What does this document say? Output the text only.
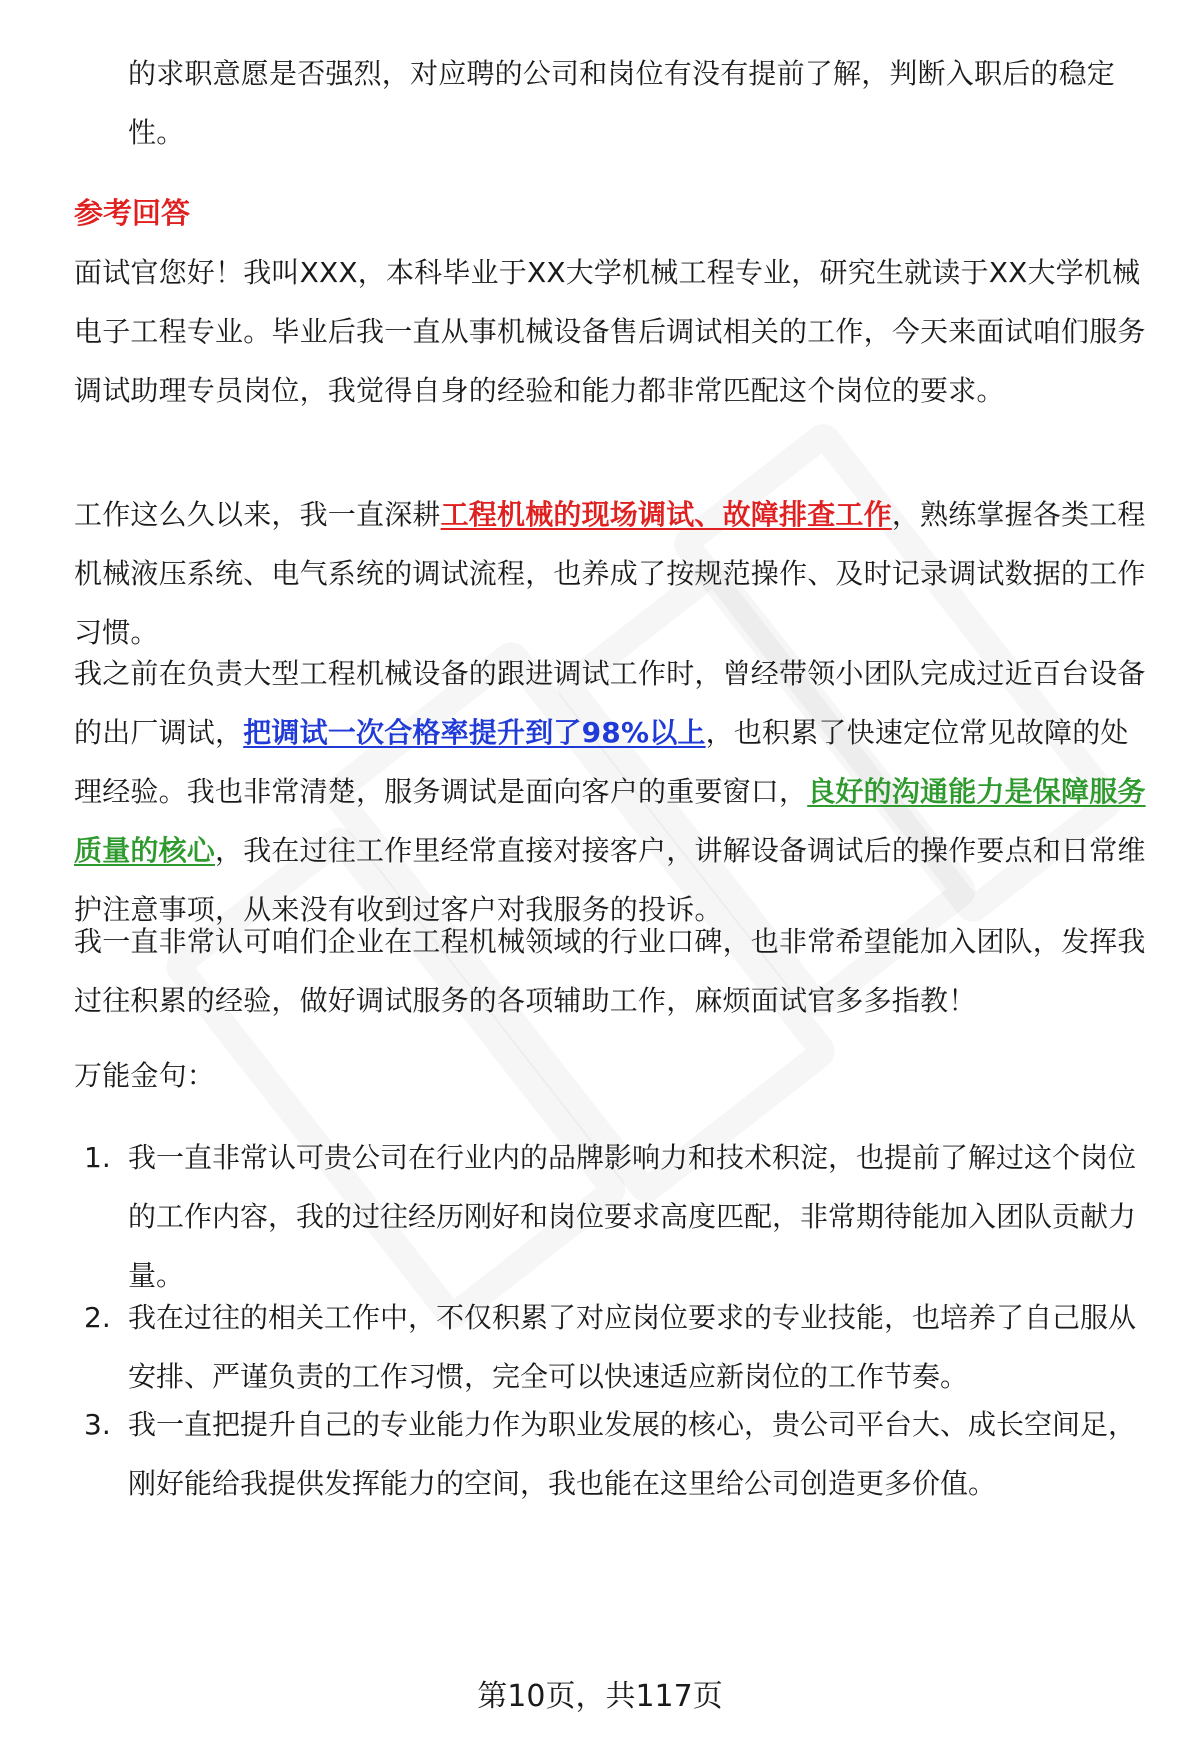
的求职意愿是否强烈，对应聘的公司和岗位有没有提前了解，判断入职后的稳定性。

参考回答

面试官您好！我叫XXX，本科毕业于XX大学机械工程专业，研究生就读于XX大学机械电子工程专业。毕业后我一直从事机械设备售后调试相关的工作，今天来面试咱们服务调试助理专员岗位，我觉得自身的经验和能力都非常匹配这个岗位的要求。

工作这么久以来，我一直深耕工程机械的现场调试、故障排查工作，熟练掌握各类工程机械液压系统、电气系统的调试流程，也养成了按规范操作、及时记录调试数据的工作习惯。

我之前在负责大型工程机械设备的跟进调试工作时，曾经带领小团队完成过近百台设备的出厂调试，把调试一次合格率提升到了98%以上，也积累了快速定位常见故障的处理经验。我也非常清楚，服务调试是面向客户的重要窗口，良好的沟通能力是保障服务质量的核心，我在过往工作里经常直接对接客户，讲解设备调试后的操作要点和日常维护注意事项，从来没有收到过客户对我服务的投诉。

我一直非常认可咱们企业在工程机械领域的行业口碑，也非常希望能加入团队，发挥我过往积累的经验，做好调试服务的各项辅助工作，麻烦面试官多多指教！

万能金句：

1. 我一直非常认可贵公司在行业内的品牌影响力和技术积淀，也提前了解过这个岗位的工作内容，我的过往经历刚好和岗位要求高度匹配，非常期待能加入团队贡献力量。
2. 我在过往的相关工作中，不仅积累了对应岗位要求的专业技能，也培养了自己服从安排、严谨负责的工作习惯，完全可以快速适应新岗位的工作节奏。
3. 我一直把提升自己的专业能力作为职业发展的核心，贵公司平台大、成长空间足，刚好能给我提供发挥能力的空间，我也能在这里给公司创造更多价值。
第10页，共117页
